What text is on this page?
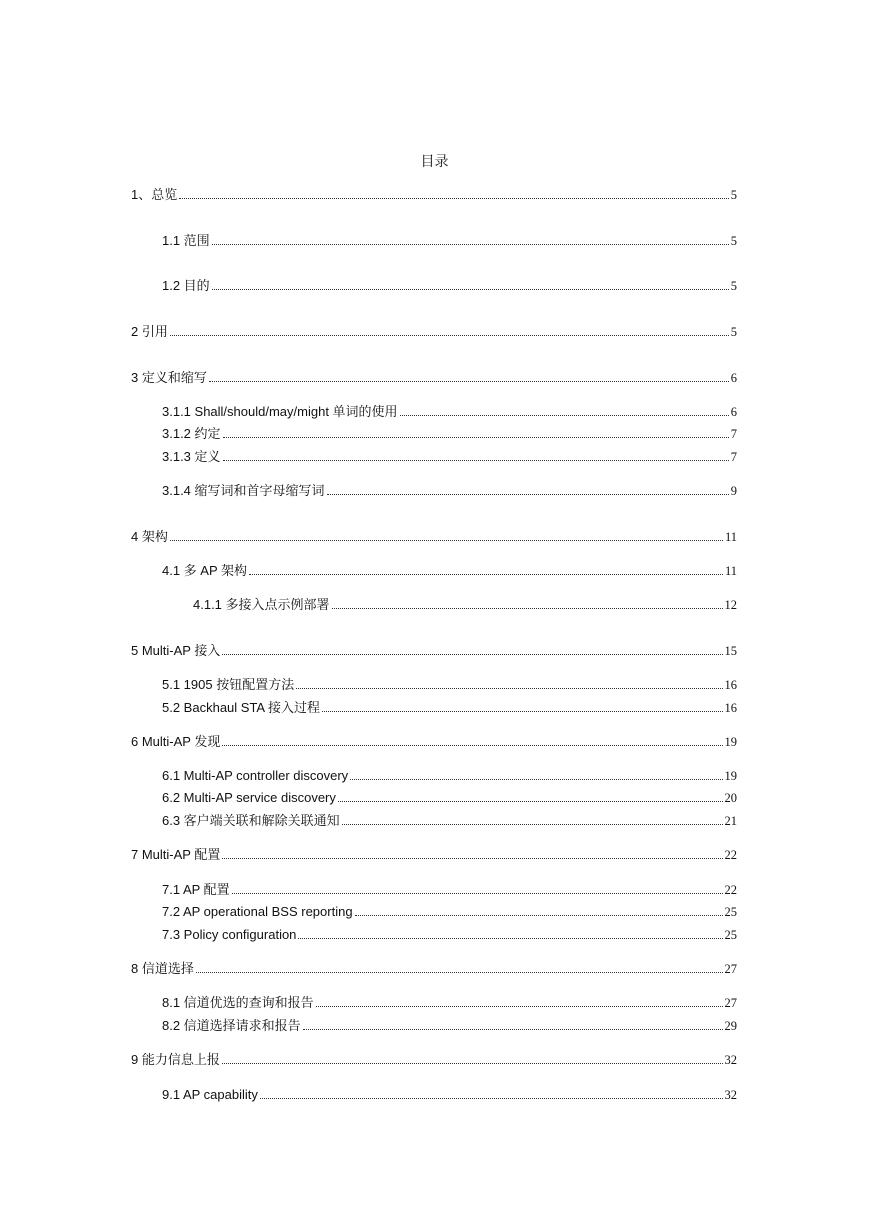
目录
1、总览	5
1.1 范围	5
1.2 目的	5
2 引用	5
3 定义和缩写	6
3.1.1 Shall/should/may/might 单词的使用	6
3.1.2 约定	7
3.1.3 定义	7
3.1.4 缩写词和首字母缩写词	9
4 架构	11
4.1 多 AP 架构	11
4.1.1 多接入点示例部署	12
5 Multi-AP 接入	15
5.1 1905 按钮配置方法	16
5.2 Backhaul STA 接入过程	16
6 Multi-AP 发现	19
6.1 Multi-AP controller discovery	19
6.2 Multi-AP service discovery	20
6.3 客户端关联和解除关联通知	21
7 Multi-AP 配置	22
7.1 AP 配置	22
7.2 AP operational BSS reporting	25
7.3 Policy configuration	25
8 信道选择	27
8.1 信道优选的查询和报告	27
8.2 信道选择请求和报告	29
9 能力信息上报	32
9.1 AP capability	32
